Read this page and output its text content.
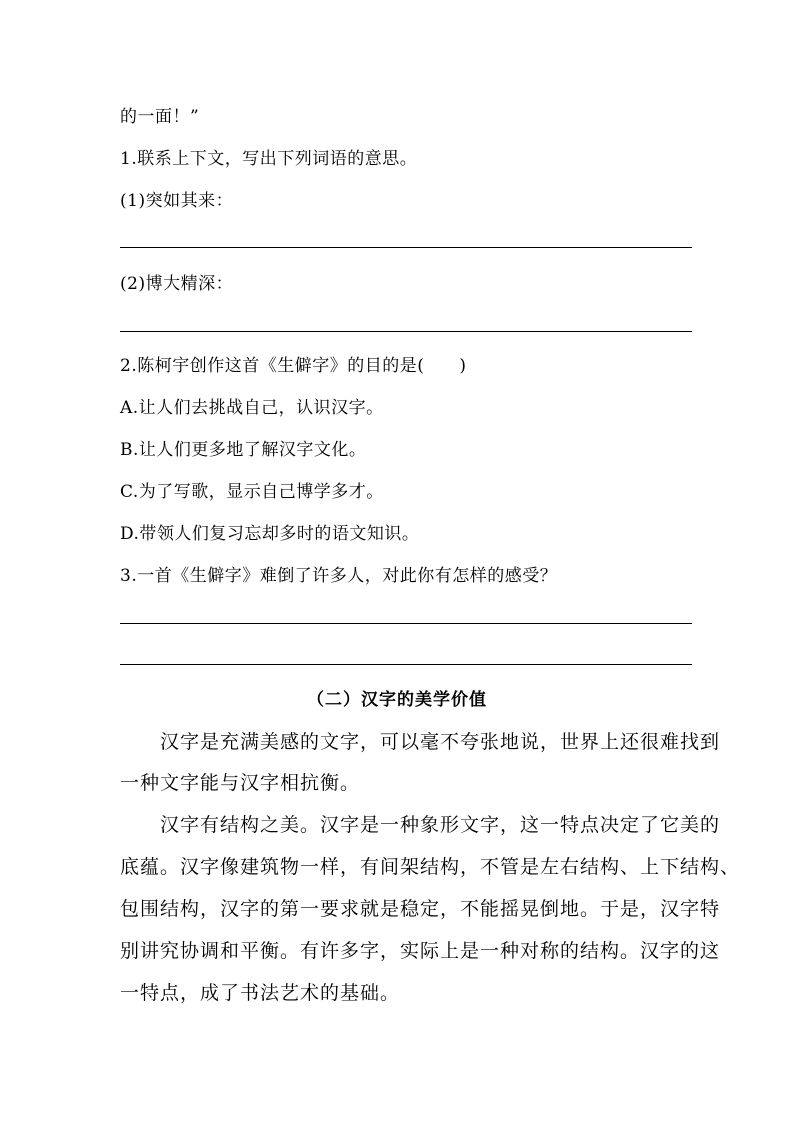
的一面！”
1.联系上下文，写出下列词语的意思。
(1)突如其来：
(2)博大精深：
2.陈柯宇创作这首《生僻字》的目的是(　　)
A.让人们去挑战自己，认识汉字。
B.让人们更多地了解汉字文化。
C.为了写歌，显示自己博学多才。
D.带领人们复习忘却多时的语文知识。
3.一首《生僻字》难倒了许多人，对此你有怎样的感受？
（二）汉字的美学价值
　　汉字是充满美感的文字，可以毫不夸张地说，世界上还很难找到
一种文字能与汉字相抗衡。
　　汉字有结构之美。汉字是一种象形文字，这一特点决定了它美的
底蕴。汉字像建筑物一样，有间架结构，不管是左右结构、上下结构、
包围结构，汉字的第一要求就是稳定，不能摇晃倒地。于是，汉字特
别讲究协调和平衡。有许多字，实际上是一种对称的结构。汉字的这
一特点，成了书法艺术的基础。
